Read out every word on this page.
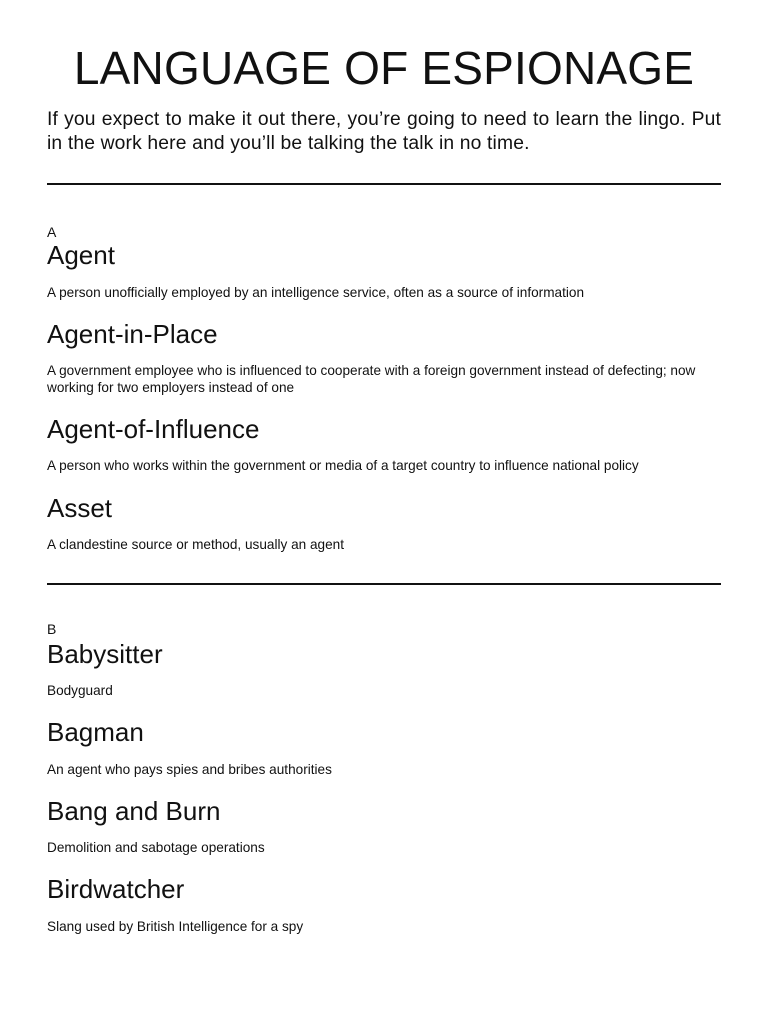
LANGUAGE OF ESPIONAGE

If you expect to make it out there, you’re going to need to learn the lingo. Put in the work here and you’ll be talking the talk in no time.

A
Agent

A person unofficially employed by an intelligence service, often as a source of information

Agent-in-Place

A government employee who is influenced to cooperate with a foreign government instead of defecting; now working for two employers instead of one

Agent-of-Influence

A person who works within the government or media of a target country to influence national policy

Asset

A clandestine source or method, usually an agent

B
Babysitter

Bodyguard

Bagman

An agent who pays spies and bribes authorities

Bang and Burn

Demolition and sabotage operations

Birdwatcher

Slang used by British Intelligence for a spy
